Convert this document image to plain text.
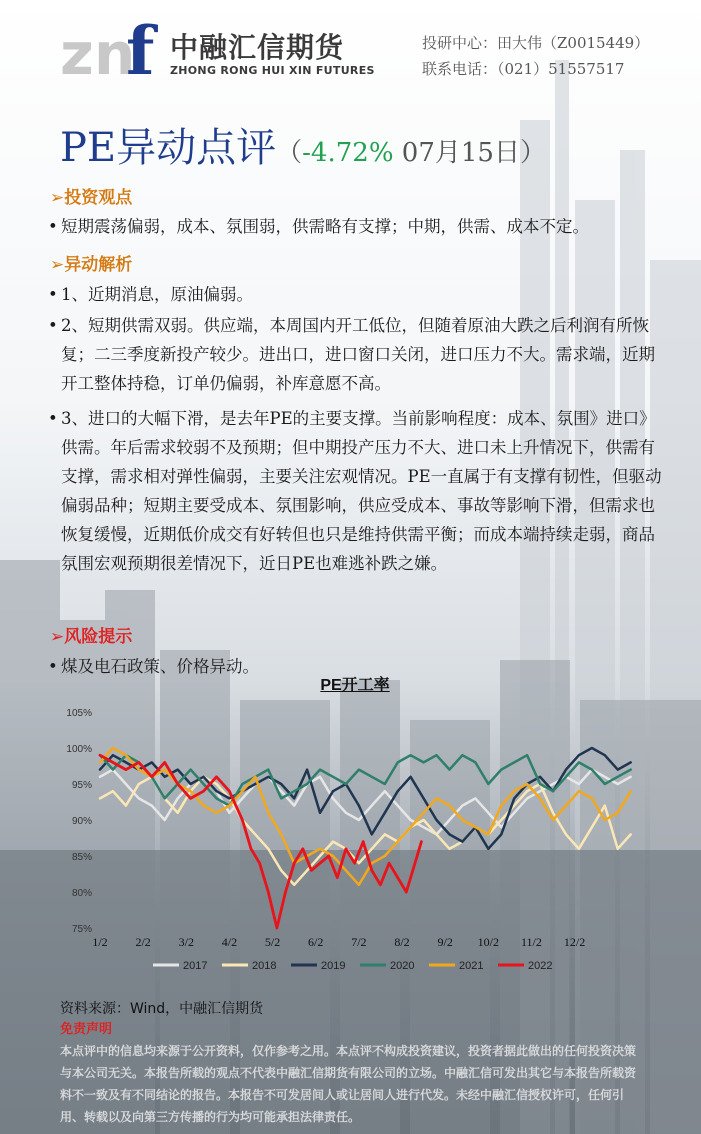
z n
f 中融汇信期货
ZHONG RONG HUI XIN FUTURES
投研中心：田大伟（Z0015449）
联系电话：（021）51557517
PE异动点评（-4.72% 07月15日）
➢投资观点
• 短期震荡偏弱，成本、氛围弱，供需略有支撑；中期，供需、成本不定。
➢异动解析
• 1、近期消息，原油偏弱。
• 2、短期供需双弱。供应端，本周国内开工低位，但随着原油大跌之后利润有所恢复；二三季度新投产较少。进出口，进口窗口关闭，进口压力不大。需求端，近期开工整体持稳，订单仍偏弱，补库意愿不高。
• 3、进口的大幅下滑，是去年PE的主要支撑。当前影响程度：成本、氛围》进口》供需。年后需求较弱不及预期；但中期投产压力不大、进口未上升情况下，供需有支撑，需求相对弹性偏弱，主要关注宏观情况。PE一直属于有支撑有韧性，但驱动偏弱品种；短期主要受成本、氛围影响，供应受成本、事故等影响下滑，但需求也恢复缓慢，近期低价成交有好转但也只是维持供需平衡；而成本端持续走弱，商品氛围宏观预期很差情况下，近日PE也难逃补跌之嫌。
➢风险提示
• 煤及电石政策、价格异动。
PE开工率
105%
100%
95%
90%
85%
80%
75%
1/2 2/2 3/2 4/2 5/2 6/2 7/2 8/2 9/2 10/2 11/2 12/2
2017	2018	2019	2020	2021	2022
资料来源：Wind，中融汇信期货
免责声明
本点评中的信息均来源于公开资料，仅作参考之用。本点评不构成投资建议，投资者据此做出的任何投资决策与本公司无关。本报告所载的观点不代表中融汇信期货有限公司的立场。中融汇信可发出其它与本报告所载资料不一致及有不同结论的报告。本报告不可发居间人或让居间人进行代发。未经中融汇信授权许可，任何引用、转载以及向第三方传播的行为均可能承担法律责任。
